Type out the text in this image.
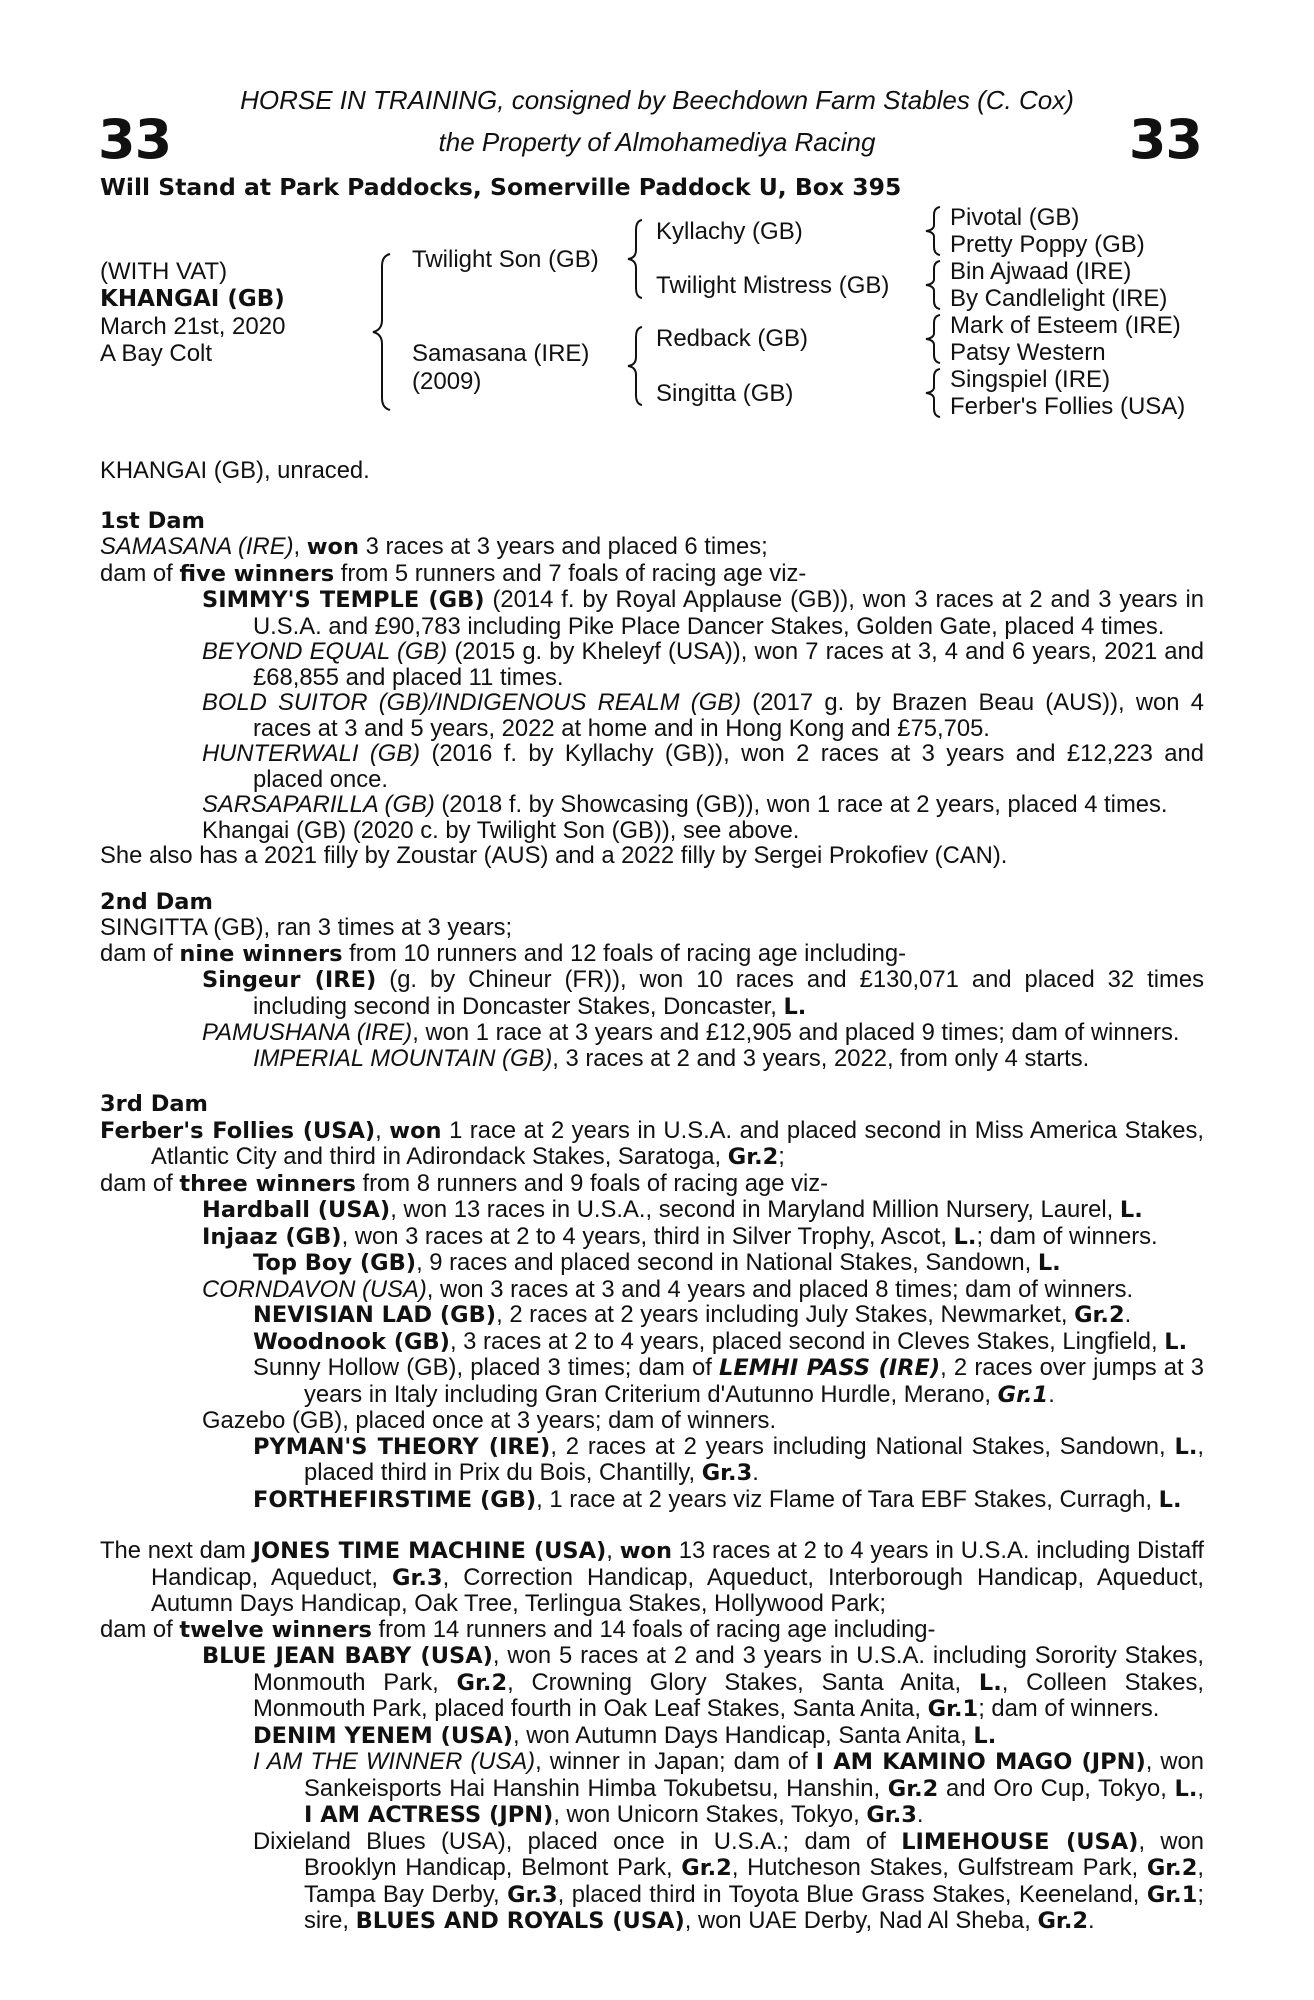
33	33
HORSE IN TRAINING, consigned by Beechdown Farm Stables (C. Cox)
the Property of Almohamediya Racing
Will Stand at Park Paddocks, Somerville Paddock U, Box 395
(WITH VAT)
KHANGAI (GB)
March 21st, 2020
A Bay Colt
Twilight Son (GB)
Samasana (IRE)
(2009)
Kyllachy (GB)
Twilight Mistress (GB)
Redback (GB)
Singitta (GB)
Pivotal (GB)
Pretty Poppy (GB)
Bin Ajwaad (IRE)
By Candlelight (IRE)
Mark of Esteem (IRE)
Patsy Western
Singspiel (IRE)
Ferber's Follies (USA)

KHANGAI (GB), unraced.

1st Dam

SAMASANA (IRE), won 3 races at 3 years and placed 6 times;

dam of five winners from 5 runners and 7 foals of racing age viz-

SIMMY'S TEMPLE (GB) (2014 f. by Royal Applause (GB)), won 3 races at 2 and 3 years in U.S.A. and £90,783 including Pike Place Dancer Stakes, Golden Gate, placed 4 times.

BEYOND EQUAL (GB) (2015 g. by Kheleyf (USA)), won 7 races at 3, 4 and 6 years, 2021 and £68,855 and placed 11 times.

BOLD SUITOR (GB)/INDIGENOUS REALM (GB) (2017 g. by Brazen Beau (AUS)), won 4 races at 3 and 5 years, 2022 at home and in Hong Kong and £75,705.

HUNTERWALI (GB) (2016 f. by Kyllachy (GB)), won 2 races at 3 years and £12,223 and placed once.

SARSAPARILLA (GB) (2018 f. by Showcasing (GB)), won 1 race at 2 years, placed 4 times.

Khangai (GB) (2020 c. by Twilight Son (GB)), see above.

She also has a 2021 filly by Zoustar (AUS) and a 2022 filly by Sergei Prokofiev (CAN).

2nd Dam

SINGITTA (GB), ran 3 times at 3 years;

dam of nine winners from 10 runners and 12 foals of racing age including-

Singeur (IRE) (g. by Chineur (FR)), won 10 races and £130,071 and placed 32 times including second in Doncaster Stakes, Doncaster, L.

PAMUSHANA (IRE), won 1 race at 3 years and £12,905 and placed 9 times; dam of winners.

IMPERIAL MOUNTAIN (GB), 3 races at 2 and 3 years, 2022, from only 4 starts.

3rd Dam

Ferber's Follies (USA), won 1 race at 2 years in U.S.A. and placed second in Miss America Stakes, Atlantic City and third in Adirondack Stakes, Saratoga, Gr.2;

dam of three winners from 8 runners and 9 foals of racing age viz-

Hardball (USA), won 13 races in U.S.A., second in Maryland Million Nursery, Laurel, L.

Injaaz (GB), won 3 races at 2 to 4 years, third in Silver Trophy, Ascot, L.; dam of winners.

Top Boy (GB), 9 races and placed second in National Stakes, Sandown, L.

CORNDAVON (USA), won 3 races at 3 and 4 years and placed 8 times; dam of winners.

NEVISIAN LAD (GB), 2 races at 2 years including July Stakes, Newmarket, Gr.2.

Woodnook (GB), 3 races at 2 to 4 years, placed second in Cleves Stakes, Lingfield, L.

Sunny Hollow (GB), placed 3 times; dam of LEMHI PASS (IRE), 2 races over jumps at 3 years in Italy including Gran Criterium d'Autunno Hurdle, Merano, Gr.1.

Gazebo (GB), placed once at 3 years; dam of winners.

PYMAN'S THEORY (IRE), 2 races at 2 years including National Stakes, Sandown, L., placed third in Prix du Bois, Chantilly, Gr.3.

FORTHEFIRSTIME (GB), 1 race at 2 years viz Flame of Tara EBF Stakes, Curragh, L.

The next dam JONES TIME MACHINE (USA), won 13 races at 2 to 4 years in U.S.A. including Distaff Handicap, Aqueduct, Gr.3, Correction Handicap, Aqueduct, Interborough Handicap, Aqueduct, Autumn Days Handicap, Oak Tree, Terlingua Stakes, Hollywood Park;

dam of twelve winners from 14 runners and 14 foals of racing age including-

BLUE JEAN BABY (USA), won 5 races at 2 and 3 years in U.S.A. including Sorority Stakes, Monmouth Park, Gr.2, Crowning Glory Stakes, Santa Anita, L., Colleen Stakes, Monmouth Park, placed fourth in Oak Leaf Stakes, Santa Anita, Gr.1; dam of winners.

DENIM YENEM (USA), won Autumn Days Handicap, Santa Anita, L.

I AM THE WINNER (USA), winner in Japan; dam of I AM KAMINO MAGO (JPN), won Sankeisports Hai Hanshin Himba Tokubetsu, Hanshin, Gr.2 and Oro Cup, Tokyo, L., I AM ACTRESS (JPN), won Unicorn Stakes, Tokyo, Gr.3.

Dixieland Blues (USA), placed once in U.S.A.; dam of LIMEHOUSE (USA), won Brooklyn Handicap, Belmont Park, Gr.2, Hutcheson Stakes, Gulfstream Park, Gr.2, Tampa Bay Derby, Gr.3, placed third in Toyota Blue Grass Stakes, Keeneland, Gr.1; sire, BLUES AND ROYALS (USA), won UAE Derby, Nad Al Sheba, Gr.2.
